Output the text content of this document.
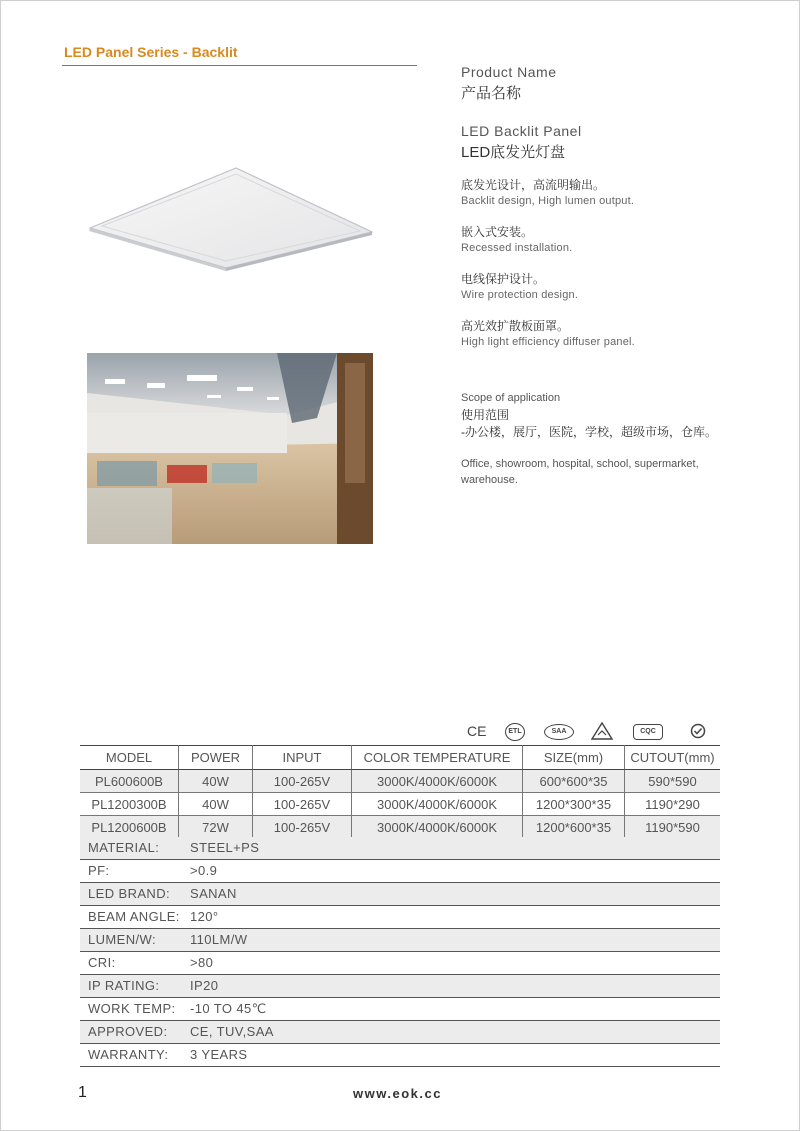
LED Panel Series - Backlit
Product Name
产品名称
LED Backlit Panel
LED底发光灯盘
底发光设计，高流明输出。
Backlit design, High lumen output.
嵌入式安装。
Recessed installation.
电线保护设计。
Wire protection design.
高光效扩散板面罩。
High light efficiency diffuser panel.
Scope of application
使用范围
-办公楼，展厅，医院，学校，超级市场，仓库。
Office, showroom, hospital, school, supermarket, warehouse.
CE	ETL	SAA	CQC
MODEL	POWER	INPUT	COLOR TEMPERATURE	SIZE(mm)	CUTOUT(mm)
PL600600B	40W	100-265V	3000K/4000K/6000K	600*600*35	590*590
PL1200300B	40W	100-265V	3000K/4000K/6000K	1200*300*35	1190*290
PL1200600B	72W	100-265V	3000K/4000K/6000K	1200*600*35	1190*590
MATERIAL: STEEL+PS
PF:	>0.9
LED BRAND: SANAN
BEAM ANGLE: 120°
LUMEN/W:	110LM/W
CRI:	>80
IP RATING: IP20
WORK TEMP: -10 TO 45℃
APPROVED: CE, TUV,SAA
WARRANTY: 3 YEARS
1	www.eok.cc
